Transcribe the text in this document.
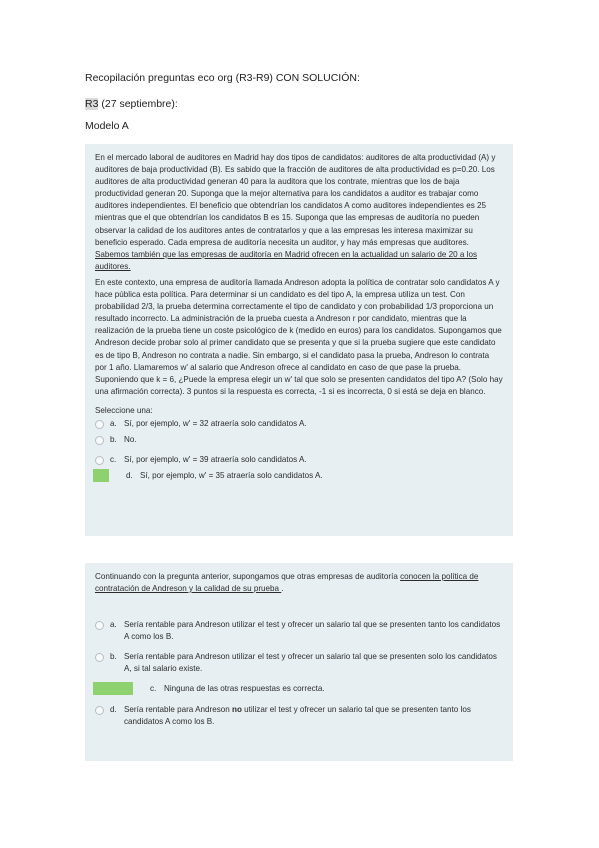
Recopilación preguntas eco org (R3-R9) CON SOLUCIÓN:
R3 (27 septiembre):
Modelo A

En el mercado laboral de auditores en Madrid hay dos tipos de candidatos: auditores de alta productividad (A) y auditores de baja productividad (B). Es sabido que la fracción de auditores de alta productividad es p=0.20. Los auditores de alta productividad generan 40 para la auditora que los contrate, mientras que los de baja productividad generan 20. Suponga que la mejor alternativa para los candidatos a auditor es trabajar como auditores independientes. El beneficio que obtendrían los candidatos A como auditores independientes es 25 mientras que el que obtendrían los candidatos B es 15. Suponga que las empresas de auditoría no pueden observar la calidad de los auditores antes de contratarlos y que a las empresas les interesa maximizar su beneficio esperado. Cada empresa de auditoría necesita un auditor, y hay más empresas que auditores. Sabemos también que las empresas de auditoría en Madrid ofrecen en la actualidad un salario de 20 a los auditores.

En este contexto, una empresa de auditoría llamada Andreson adopta la política de contratar solo candidatos A y hace pública esta política. Para determinar si un candidato es del tipo A, la empresa utiliza un test. Con probabilidad 2/3, la prueba determina correctamente el tipo de candidato y con probabilidad 1/3 proporciona un resultado incorrecto. La administración de la prueba cuesta a Andreson r por candidato, mientras que la realización de la prueba tiene un coste psicológico de k (medido en euros) para los candidatos. Supongamos que Andreson decide probar solo al primer candidato que se presenta y que si la prueba sugiere que este candidato es de tipo B, Andreson no contrata a nadie. Sin embargo, si el candidato pasa la prueba, Andreson lo contrata por 1 año. Llamaremos w' al salario que Andreson ofrece al candidato en caso de que pase la prueba. Suponiendo que k = 6, ¿Puede la empresa elegir un w' tal que solo se presenten candidatos del tipo A? (Solo hay una afirmación correcta). 3 puntos si la respuesta es correcta, -1 si es incorrecta, 0 si está se deja en blanco.

Seleccione una:
a. Sí, por ejemplo, w' = 32 atraería solo candidatos A.
b. No.
c. Sí, por ejemplo, w' = 39 atraería solo candidatos A.
d. Sí, por ejemplo, w' = 35 atraería solo candidatos A.

Continuando con la pregunta anterior, supongamos que otras empresas de auditoría conocen la política de contratación de Andreson y la calidad de su prueba .

a. Sería rentable para Andreson utilizar el test y ofrecer un salario tal que se presenten tanto los candidatos A como los B.
b. Sería rentable para Andreson utilizar el test y ofrecer un salario tal que se presenten solo los candidatos A, si tal salario existe.
c. Ninguna de las otras respuestas es correcta.
d. Sería rentable para Andreson no utilizar el test y ofrecer un salario tal que se presenten tanto los candidatos A como los B.
